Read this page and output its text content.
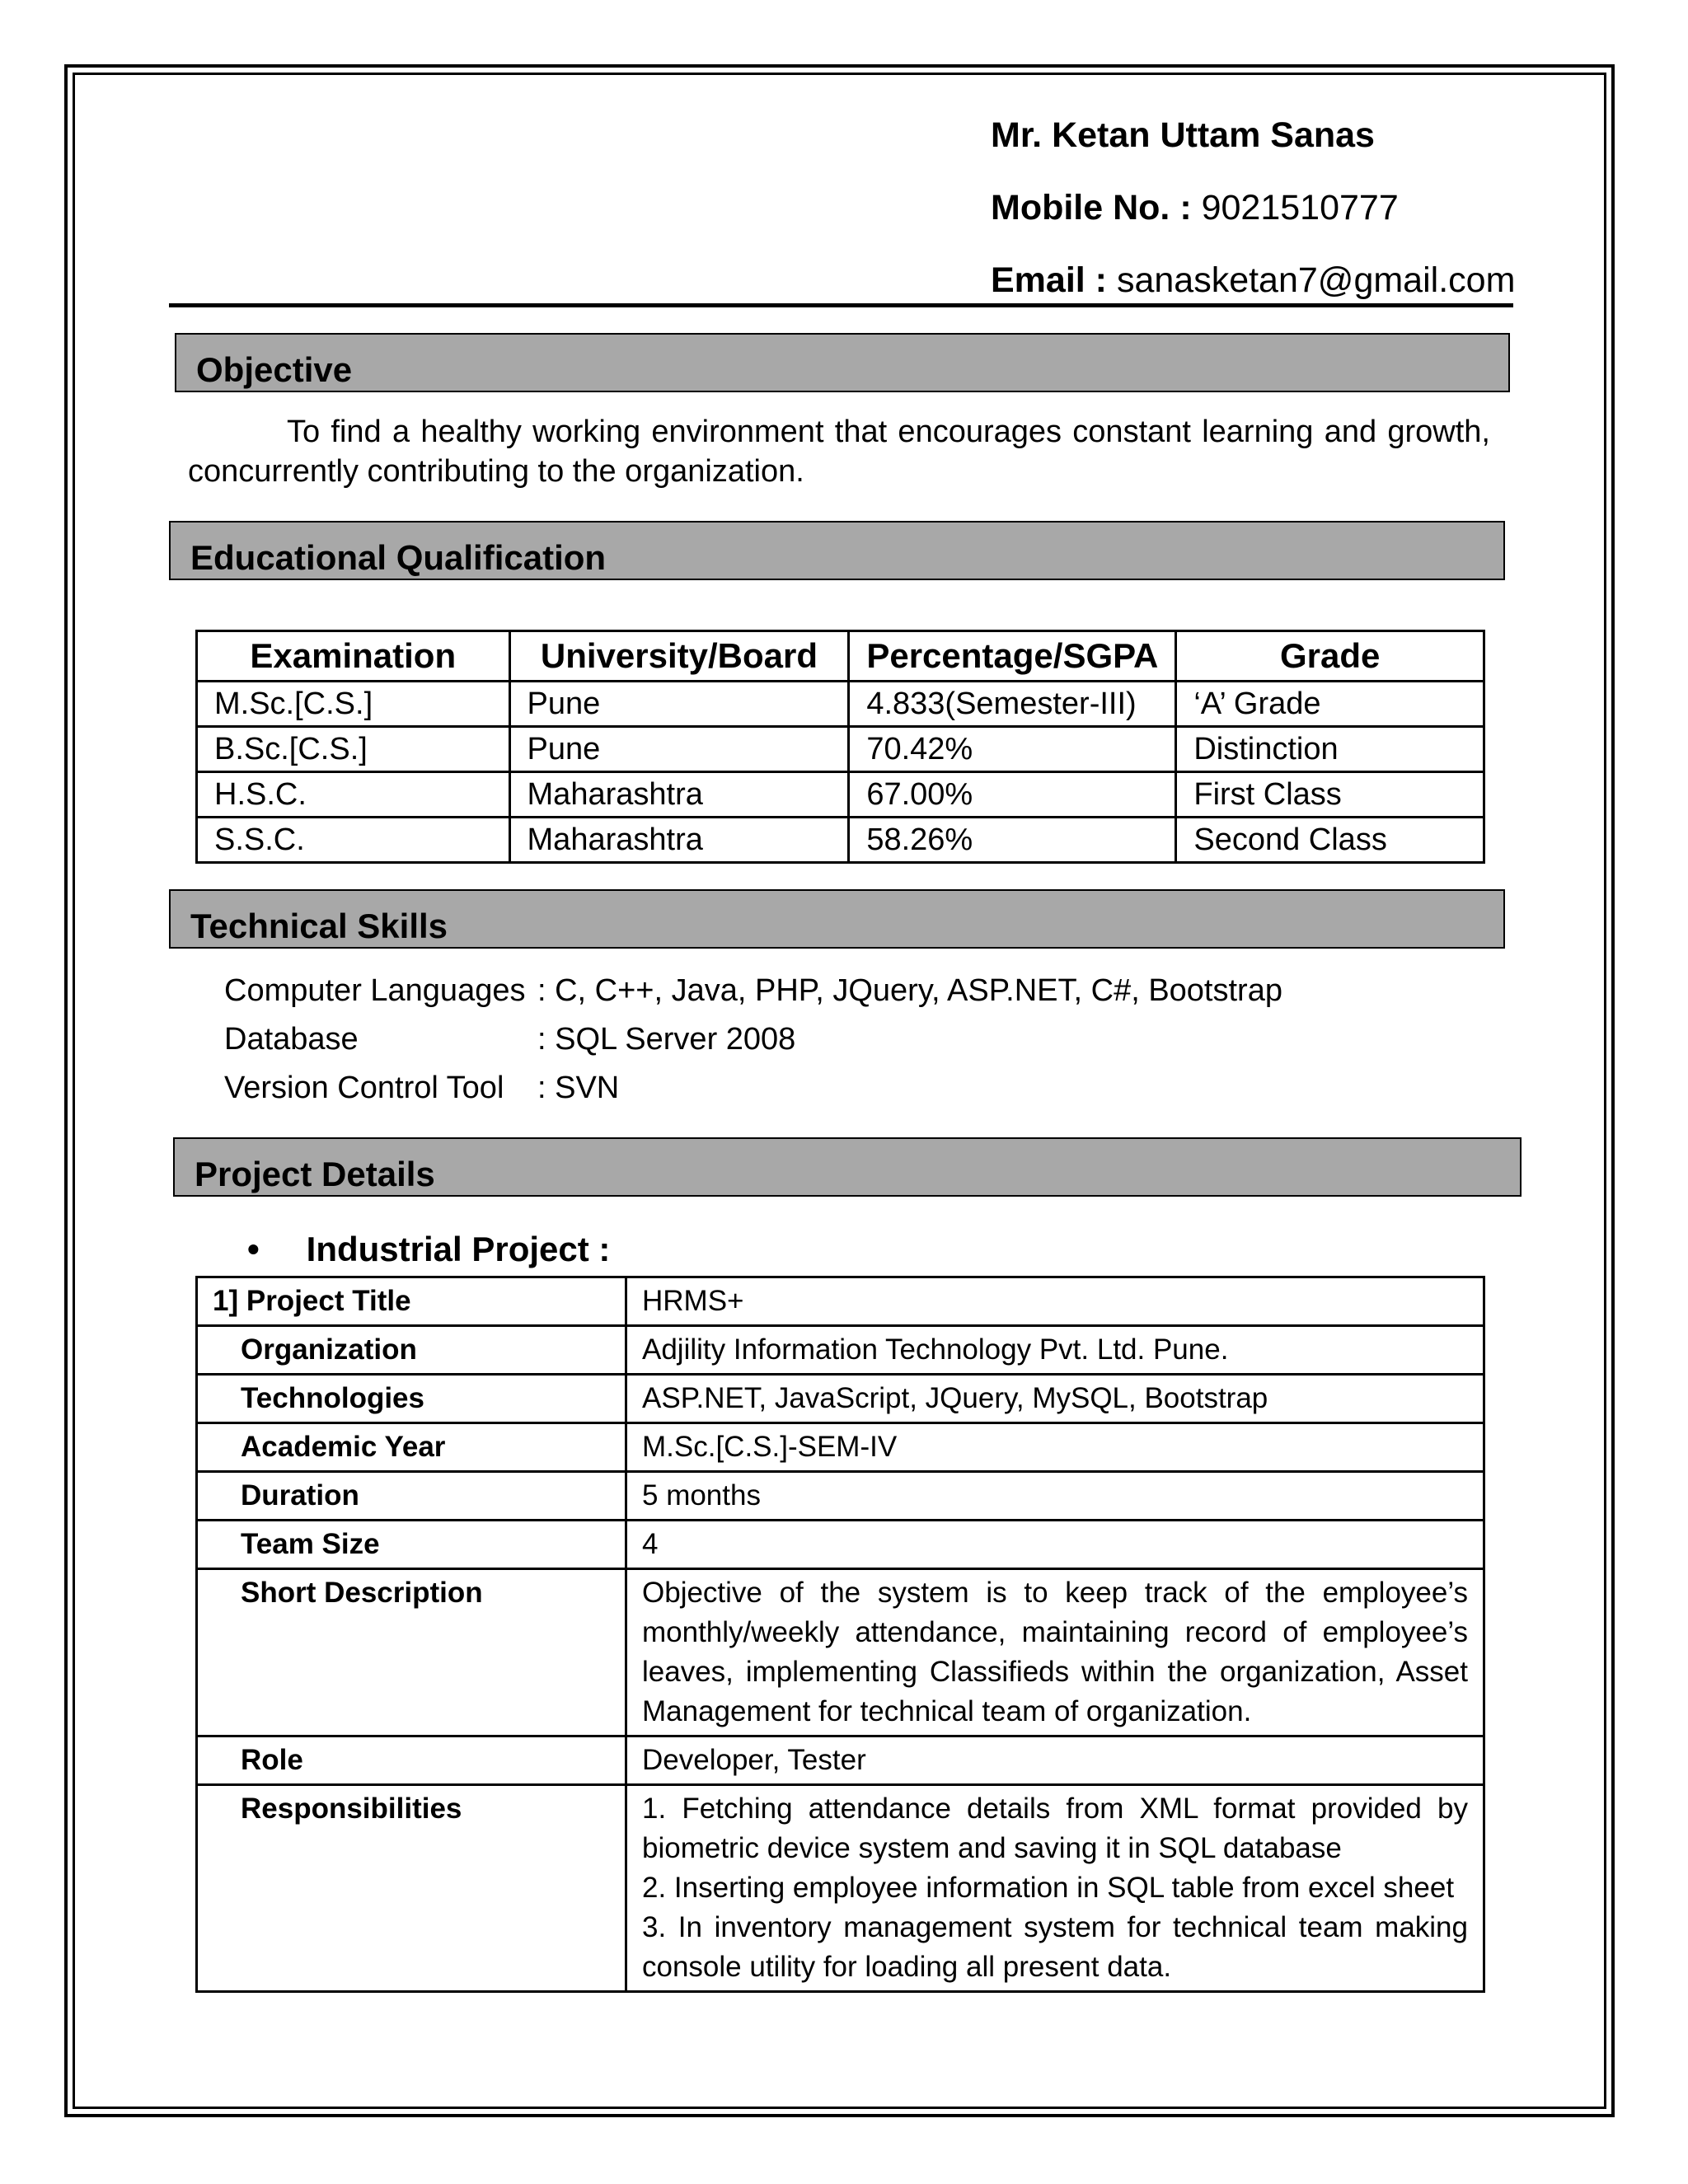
Mr. Ketan Uttam Sanas
Mobile No. : 9021510777
Email : sanasketan7@gmail.com
Objective
To find a healthy working environment that encourages constant learning and growth, concurrently contributing to the organization.
Educational Qualification
Examination	University/Board	Percentage/SGPA	Grade
M.Sc.[C.S.]	Pune	4.833(Semester-III)	‘A’ Grade
B.Sc.[C.S.]	Pune	70.42%	Distinction
H.S.C.	Maharashtra	67.00%	First Class
S.S.C.	Maharashtra	58.26%	Second Class
Technical Skills
Computer Languages : C, C++, Java, PHP, JQuery, ASP.NET, C#, Bootstrap
Database	: SQL Server 2008
Version Control Tool	: SVN
Project Details
• Industrial Project :
1] Project Title	HRMS+
Organization	Adjility Information Technology Pvt. Ltd. Pune.
Technologies	ASP.NET, JavaScript, JQuery, MySQL, Bootstrap
Academic Year	M.Sc.[C.S.]-SEM-IV
Duration	5 months
Team Size	4
Short Description	Objective of the system is to keep track of the employee’s monthly/weekly attendance, maintaining record of employee’s leaves, implementing Classifieds within the organization, Asset Management for technical team of organization.
Role	Developer, Tester
Responsibilities	1. Fetching attendance details from XML format provided by biometric device system and saving it in SQL database
2. Inserting employee information in SQL table from excel sheet
3. In inventory management system for technical team making console utility for loading all present data.
